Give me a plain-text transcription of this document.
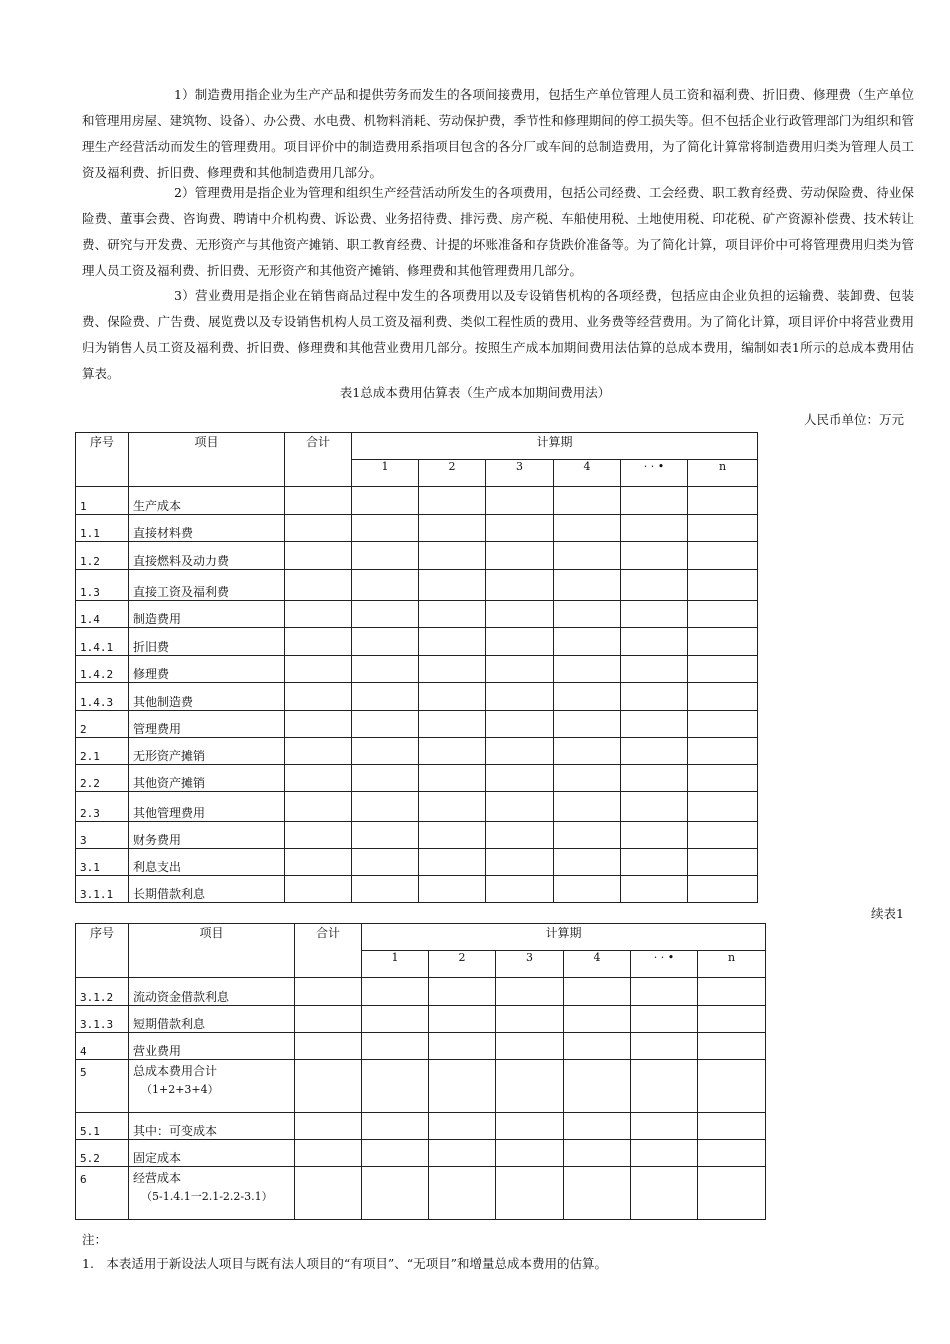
1）制造费用指企业为生产产品和提供劳务而发生的各项间接费用，包括生产单位管理人员工资和福利费、折旧费、修理费（生产单位和管理用房屋、建筑物、设备）、办公费、水电费、机物料消耗、劳动保护费，季节性和修理期间的停工损失等。但不包括企业行政管理部门为组织和管理生产经营活动而发生的管理费用。项目评价中的制造费用系指项目包含的各分厂或车间的总制造费用，为了简化计算常将制造费用归类为管理人员工资及福利费、折旧费、修理费和其他制造费用几部分。

2）管理费用是指企业为管理和组织生产经营活动所发生的各项费用，包括公司经费、工会经费、职工教育经费、劳动保险费、待业保险费、董事会费、咨询费、聘请中介机构费、诉讼费、业务招待费、排污费、房产税、车船使用税、土地使用税、印花税、矿产资源补偿费、技术转让费、研究与开发费、无形资产与其他资产摊销、职工教育经费、计提的坏账准备和存货跌价准备等。为了简化计算，项目评价中可将管理费用归类为管理人员工资及福利费、折旧费、无形资产和其他资产摊销、修理费和其他管理费用几部分。

3）营业费用是指企业在销售商品过程中发生的各项费用以及专设销售机构的各项经费，包括应由企业负担的运输费、装卸费、包装费、保险费、广告费、展览费以及专设销售机构人员工资及福利费、类似工程性质的费用、业务费等经营费用。为了简化计算，项目评价中将营业费用归为销售人员工资及福利费、折旧费、修理费和其他营业费用几部分。按照生产成本加期间费用法估算的总成本费用，编制如表1所示的总成本费用估算表。

表1总成本费用估算表（生产成本加期间费用法）

人民币单位：万元

序号	项目	合计	计算期					
			1	2	3	4	· · •	n
1	生产成本							
1.1	直接材料费							
1.2	直接燃料及动力费							
1.3	直接工资及福利费							
1.4	制造费用							
1.4.1	折旧费							
1.4.2	修理费							
1.4.3	其他制造费							
2	管理费用							
2.1	无形资产摊销							
2.2	其他资产摊销							
2.3	其他管理费用							
3	财务费用							
3.1	利息支出							
3.1.1	长期借款利息							

续表1

序号	项目	合计	计算期					
			1	2	3	4	· · •	n
3.1.2	流动资金借款利息							
3.1.3	短期借款利息							
4	营业费用							
5	总成本费用合计
（1+2+3+4）							

5.1	其中：可变成本							
5.2	固定成本							
6	经营成本
（5-1.4.1一2.1-2.2-3.1）							

注：

1.　本表适用于新设法人项目与既有法人项目的“有项目”、“无项目”和增量总成本费用的估算。
